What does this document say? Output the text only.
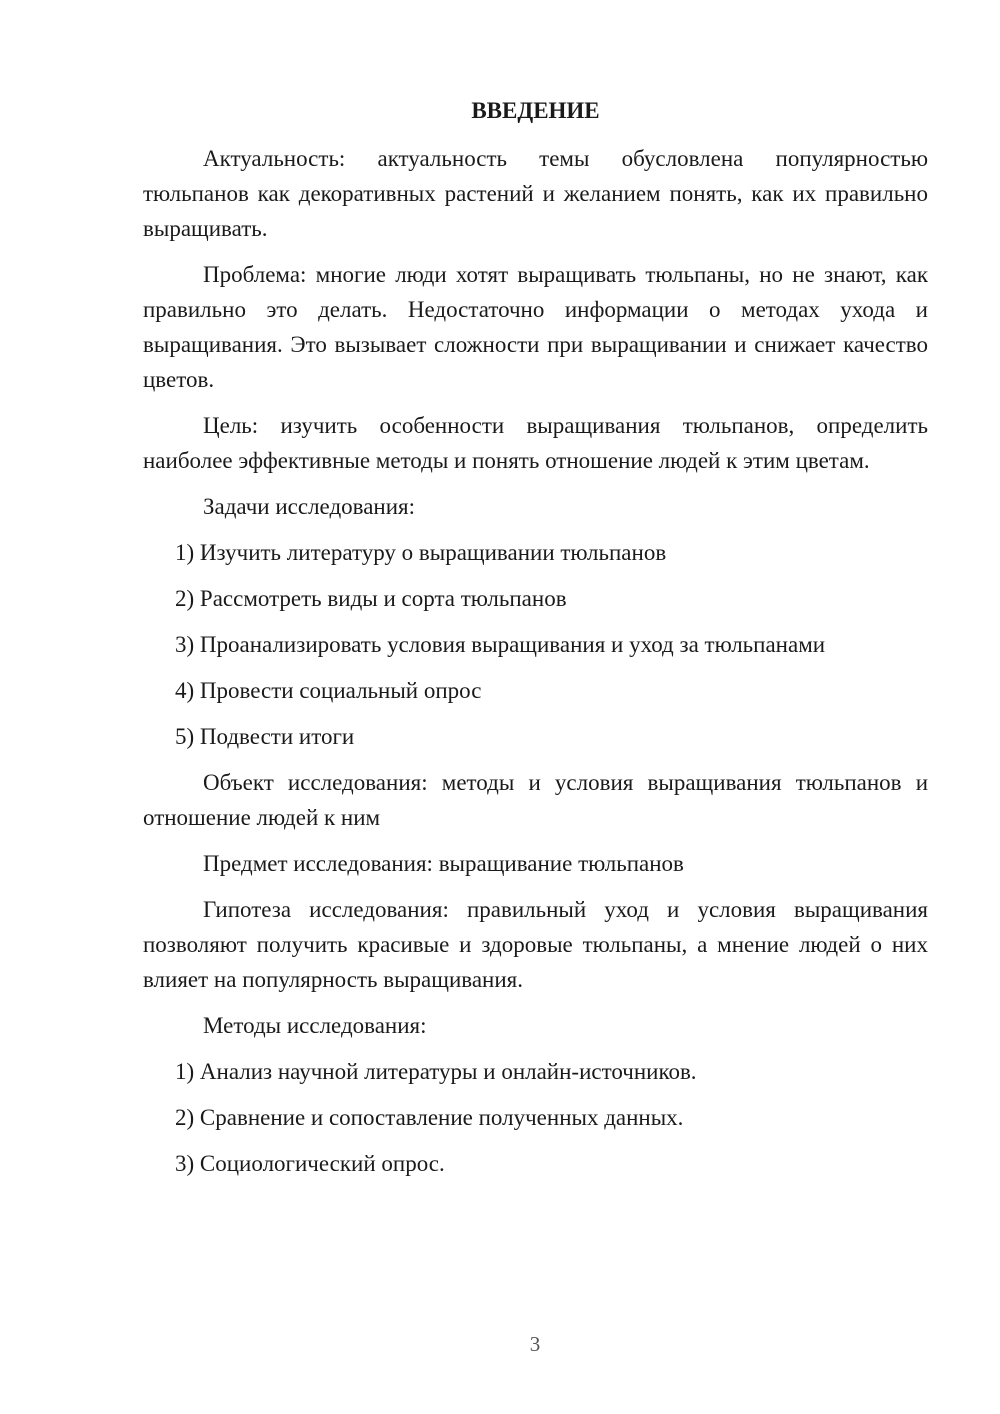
ВВЕДЕНИЕ

Актуальность: актуальность темы обусловлена популярностью тюльпанов как декоративных растений и желанием понять, как их правильно выращивать.

Проблема: многие люди хотят выращивать тюльпаны, но не знают, как правильно это делать. Недостаточно информации о методах ухода и выращивания. Это вызывает сложности при выращивании и снижает качество цветов.

Цель: изучить особенности выращивания тюльпанов, определить наиболее эффективные методы и понять отношение людей к этим цветам.

Задачи исследования:

1) Изучить литературу о выращивании тюльпанов
2) Рассмотреть виды и сорта тюльпанов
3) Проанализировать условия выращивания и уход за тюльпанами
4) Провести социальный опрос
5) Подвести итоги

Объект исследования: методы и условия выращивания тюльпанов и отношение людей к ним

Предмет исследования: выращивание тюльпанов

Гипотеза исследования: правильный уход и условия выращивания позволяют получить красивые и здоровые тюльпаны, а мнение людей о них влияет на популярность выращивания.

Методы исследования:

1) Анализ научной литературы и онлайн-источников.
2) Сравнение и сопоставление полученных данных.
3) Социологический опрос.
3
